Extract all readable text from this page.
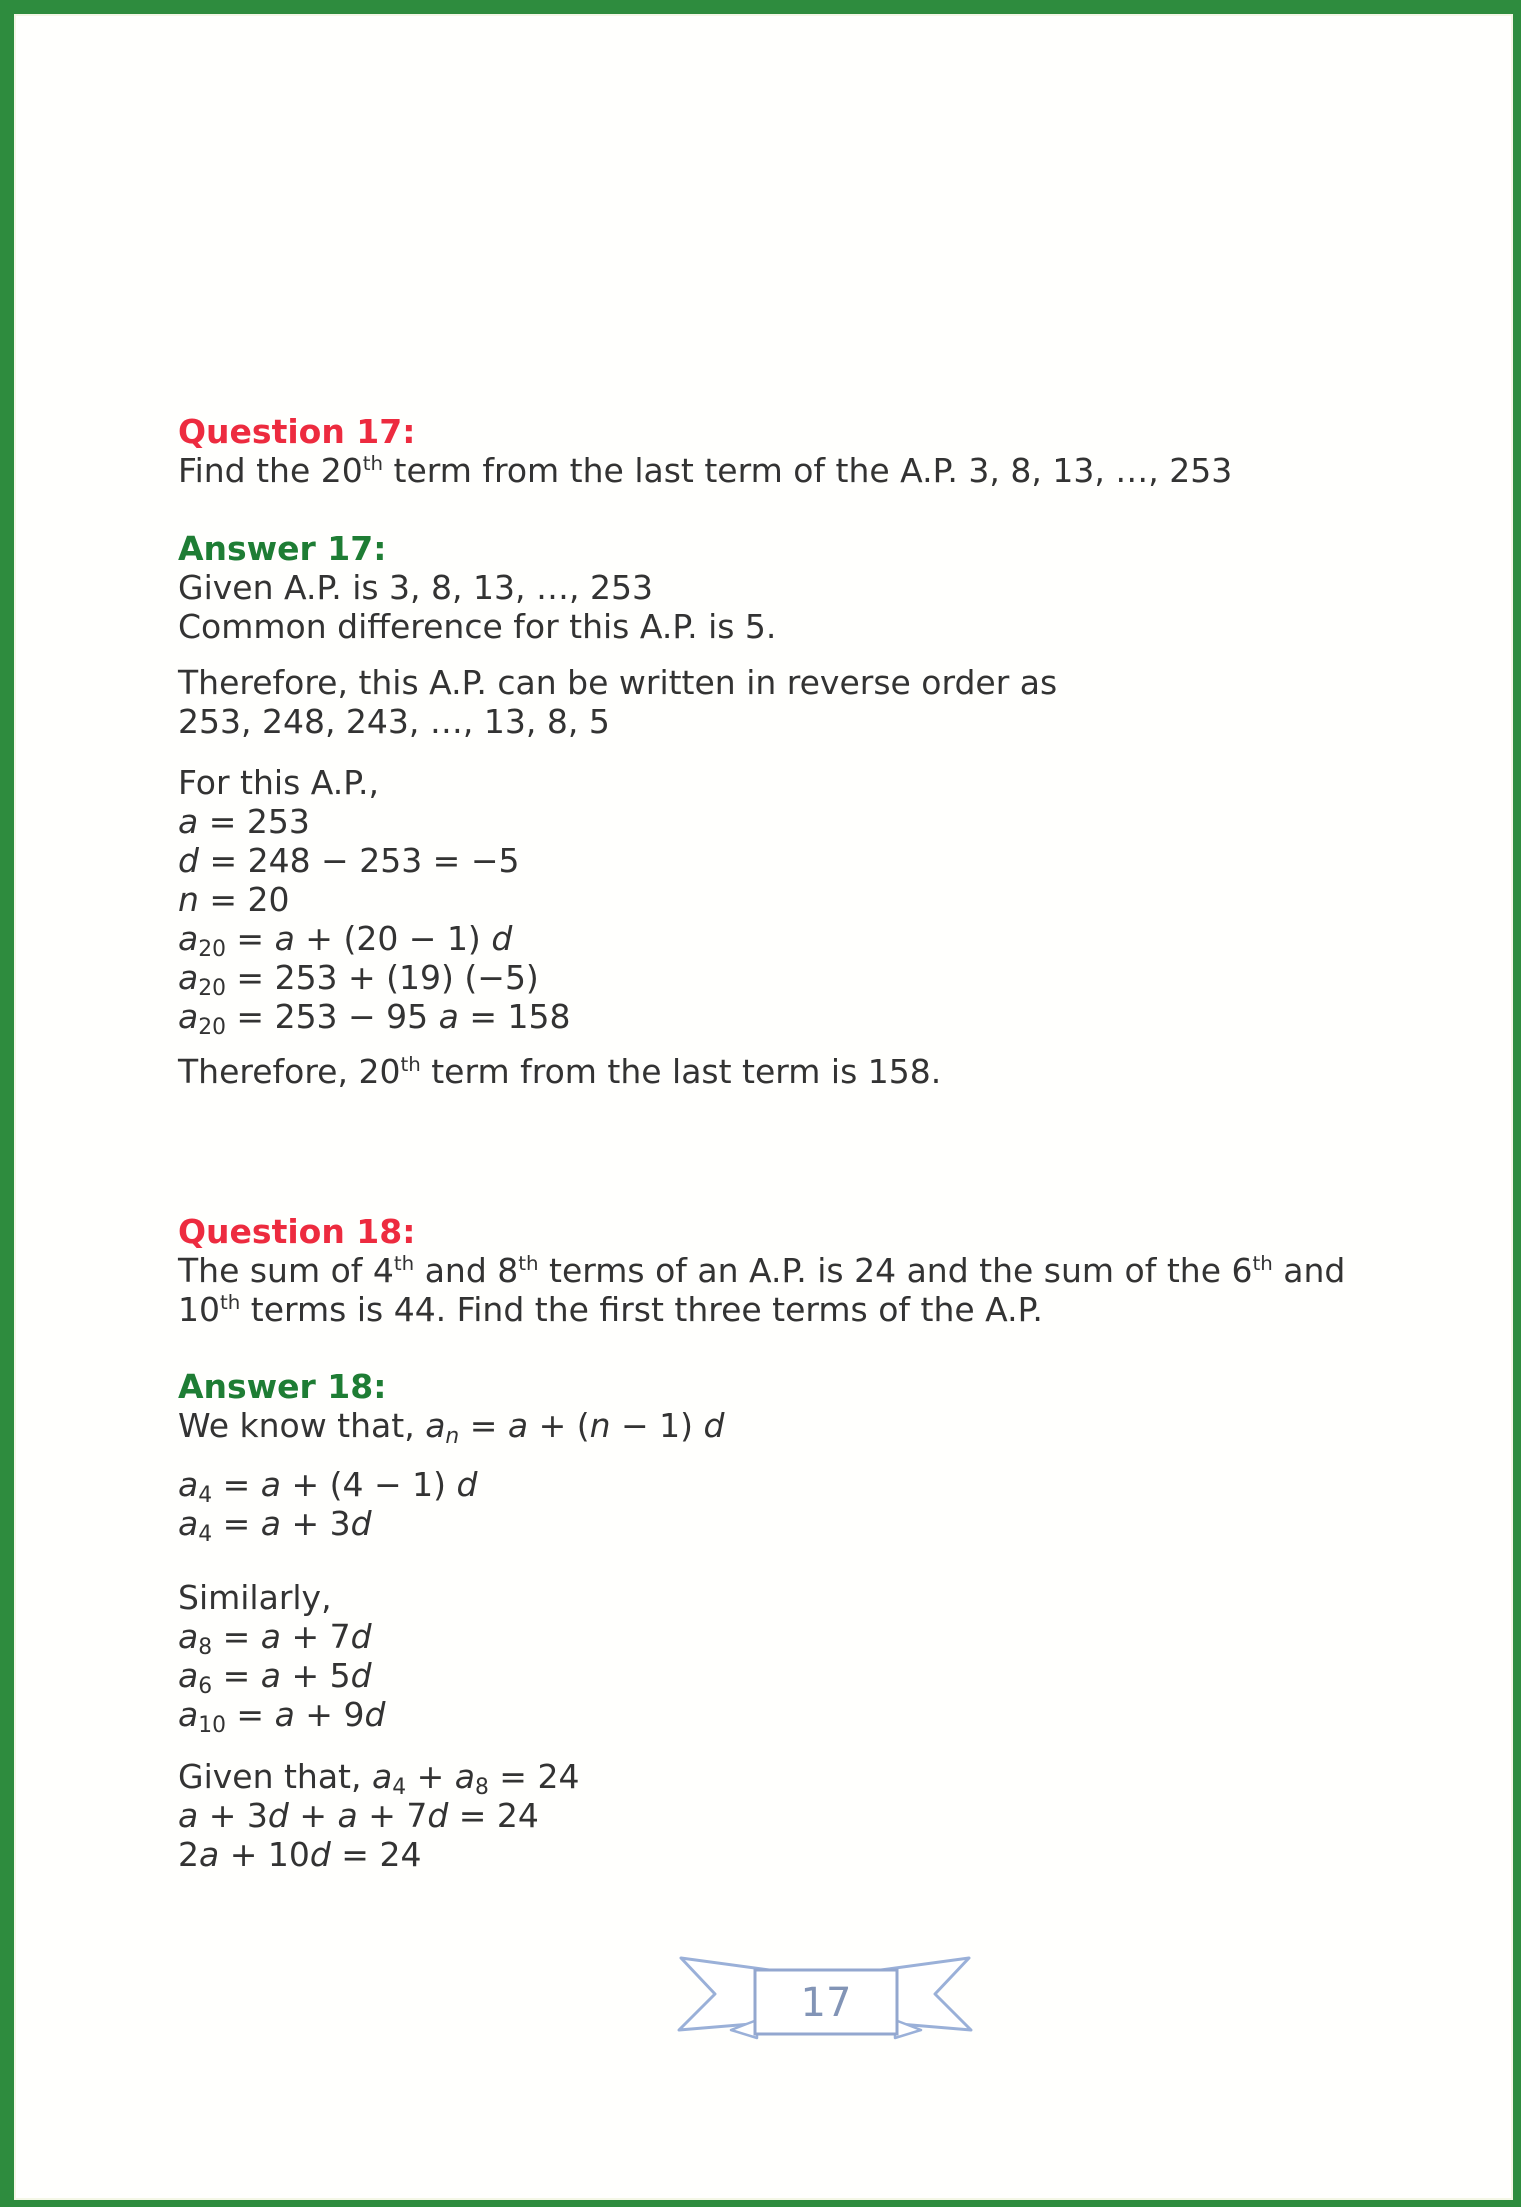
Question 17:
Find the 20th term from the last term of the A.P. 3, 8, 13, …, 253
Answer 17:
Given A.P. is 3, 8, 13, …, 253
Common difference for this A.P. is 5.
Therefore, this A.P. can be written in reverse order as
253, 248, 243, …, 13, 8, 5
For this A.P.,
a = 253
d = 248 − 253 = −5
n = 20
$a_{20} = a + (20 - 1)$ d
$a_{20} = 253 + (19)$ (−5)
$a_{20} = 253 - 95$ a = 158
Therefore, 20th term from the last term is 158.
Question 18:
The sum of 4th and 8th terms of an A.P. is 24 and the sum of the 6th and
10th terms is 44. Find the first three terms of the A.P.
Answer 18:
We know that, $a_n = a + (n - 1)$ d
$a_4 = a + (4 - 1)$ d
$a_4 = a + 3d$
Similarly,
$a_8 = a + 7d$
$a_6 = a + 5d$
$a_{10} = a + 9d$
Given that, $a_4 + a_8 = 24$
a + 3d + a + 7d = 24
2a + 10d = 24
17
